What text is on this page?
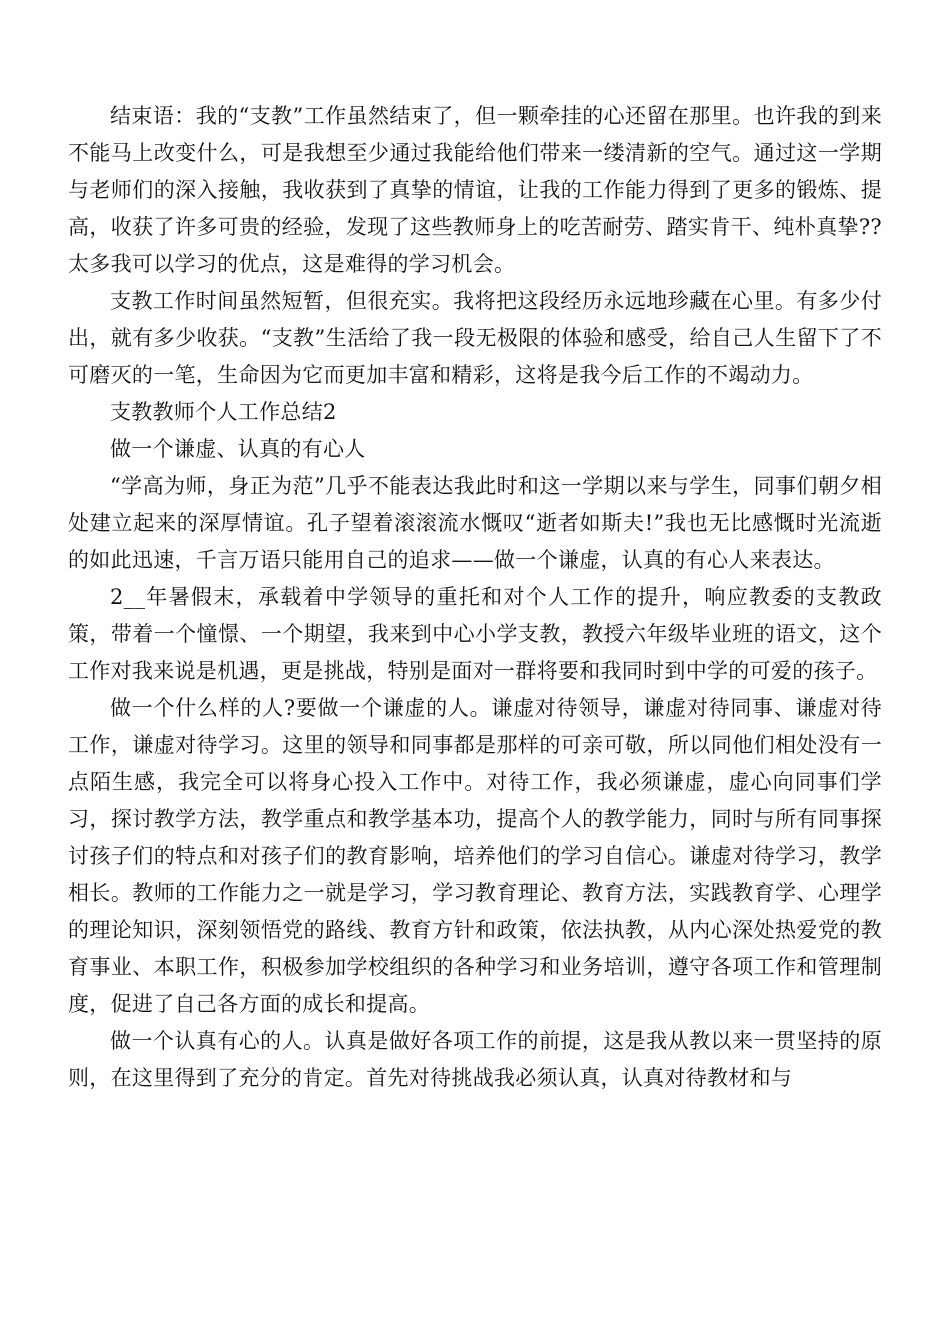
结束语：我的“支教”工作虽然结束了，但一颗牵挂的心还留在那里。也许我的到来不能马上改变什么，可是我想至少通过我能给他们带来一缕清新的空气。通过这一学期与老师们的深入接触，我收获到了真挚的情谊，让我的工作能力得到了更多的锻炼、提高，收获了许多可贵的经验，发现了这些教师身上的吃苦耐劳、踏实肯干、纯朴真挚??太多我可以学习的优点，这是难得的学习机会。

支教工作时间虽然短暂，但很充实。我将把这段经历永远地珍藏在心里。有多少付出，就有多少收获。“支教”生活给了我一段无极限的体验和感受，给自己人生留下了不可磨灭的一笔，生命因为它而更加丰富和精彩，这将是我今后工作的不竭动力。

支教教师个人工作总结2

做一个谦虚、认真的有心人

“学高为师，身正为范”几乎不能表达我此时和这一学期以来与学生，同事们朝夕相处建立起来的深厚情谊。孔子望着滚滚流水慨叹“逝者如斯夫!”我也无比感慨时光流逝的如此迅速，千言万语只能用自己的追求——做一个谦虚，认真的有心人来表达。

2__年暑假末，承载着中学领导的重托和对个人工作的提升，响应教委的支教政策，带着一个憧憬、一个期望，我来到中心小学支教，教授六年级毕业班的语文，这个工作对我来说是机遇，更是挑战，特别是面对一群将要和我同时到中学的可爱的孩子。

做一个什么样的人?要做一个谦虚的人。谦虚对待领导，谦虚对待同事、谦虚对待工作，谦虚对待学习。这里的领导和同事都是那样的可亲可敬，所以同他们相处没有一点陌生感，我完全可以将身心投入工作中。对待工作，我必须谦虚，虚心向同事们学习，探讨教学方法，教学重点和教学基本功，提高个人的教学能力，同时与所有同事探讨孩子们的特点和对孩子们的教育影响，培养他们的学习自信心。谦虚对待学习，教学相长。教师的工作能力之一就是学习，学习教育理论、教育方法，实践教育学、心理学的理论知识，深刻领悟党的路线、教育方针和政策，依法执教，从内心深处热爱党的教育事业、本职工作，积极参加学校组织的各种学习和业务培训，遵守各项工作和管理制度，促进了自己各方面的成长和提高。

做一个认真有心的人。认真是做好各项工作的前提，这是我从教以来一贯坚持的原则，在这里得到了充分的肯定。首先对待挑战我必须认真，认真对待教材和与
